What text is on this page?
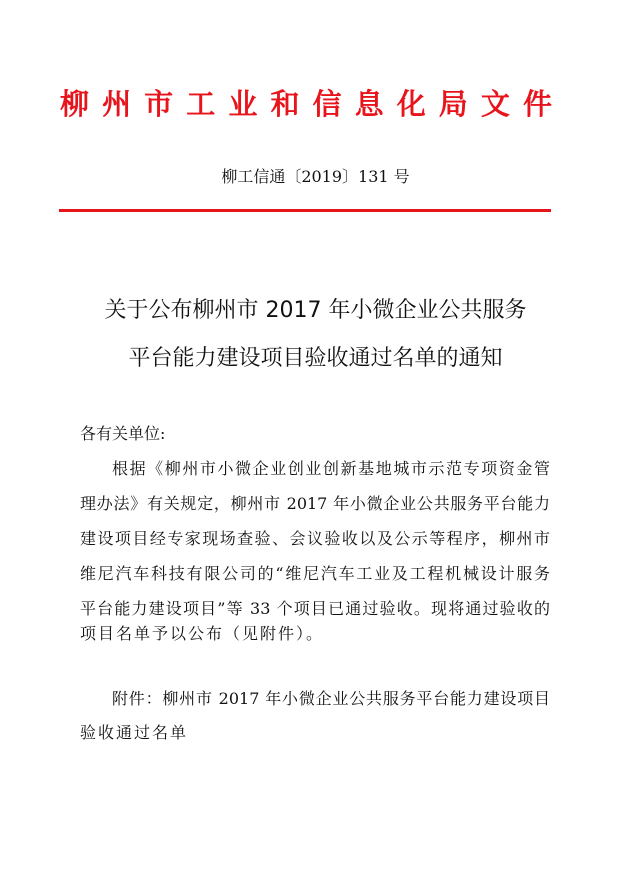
柳州市工业和信息化局文件
柳工信通〔2019〕131 号
关于公布柳州市 2017 年小微企业公共服务
平台能力建设项目验收通过名单的通知
各有关单位:
根据《柳州市小微企业创业创新基地城市示范专项资金管
理办法》有关规定，柳州市 2017 年小微企业公共服务平台能力
建设项目经专家现场查验、会议验收以及公示等程序，柳州市
维尼汽车科技有限公司的“维尼汽车工业及工程机械设计服务
平台能力建设项目”等 33 个项目已通过验收。现将通过验收的
项目名单予以公布（见附件）。
附件：柳州市 2017 年小微企业公共服务平台能力建设项目
验收通过名单
